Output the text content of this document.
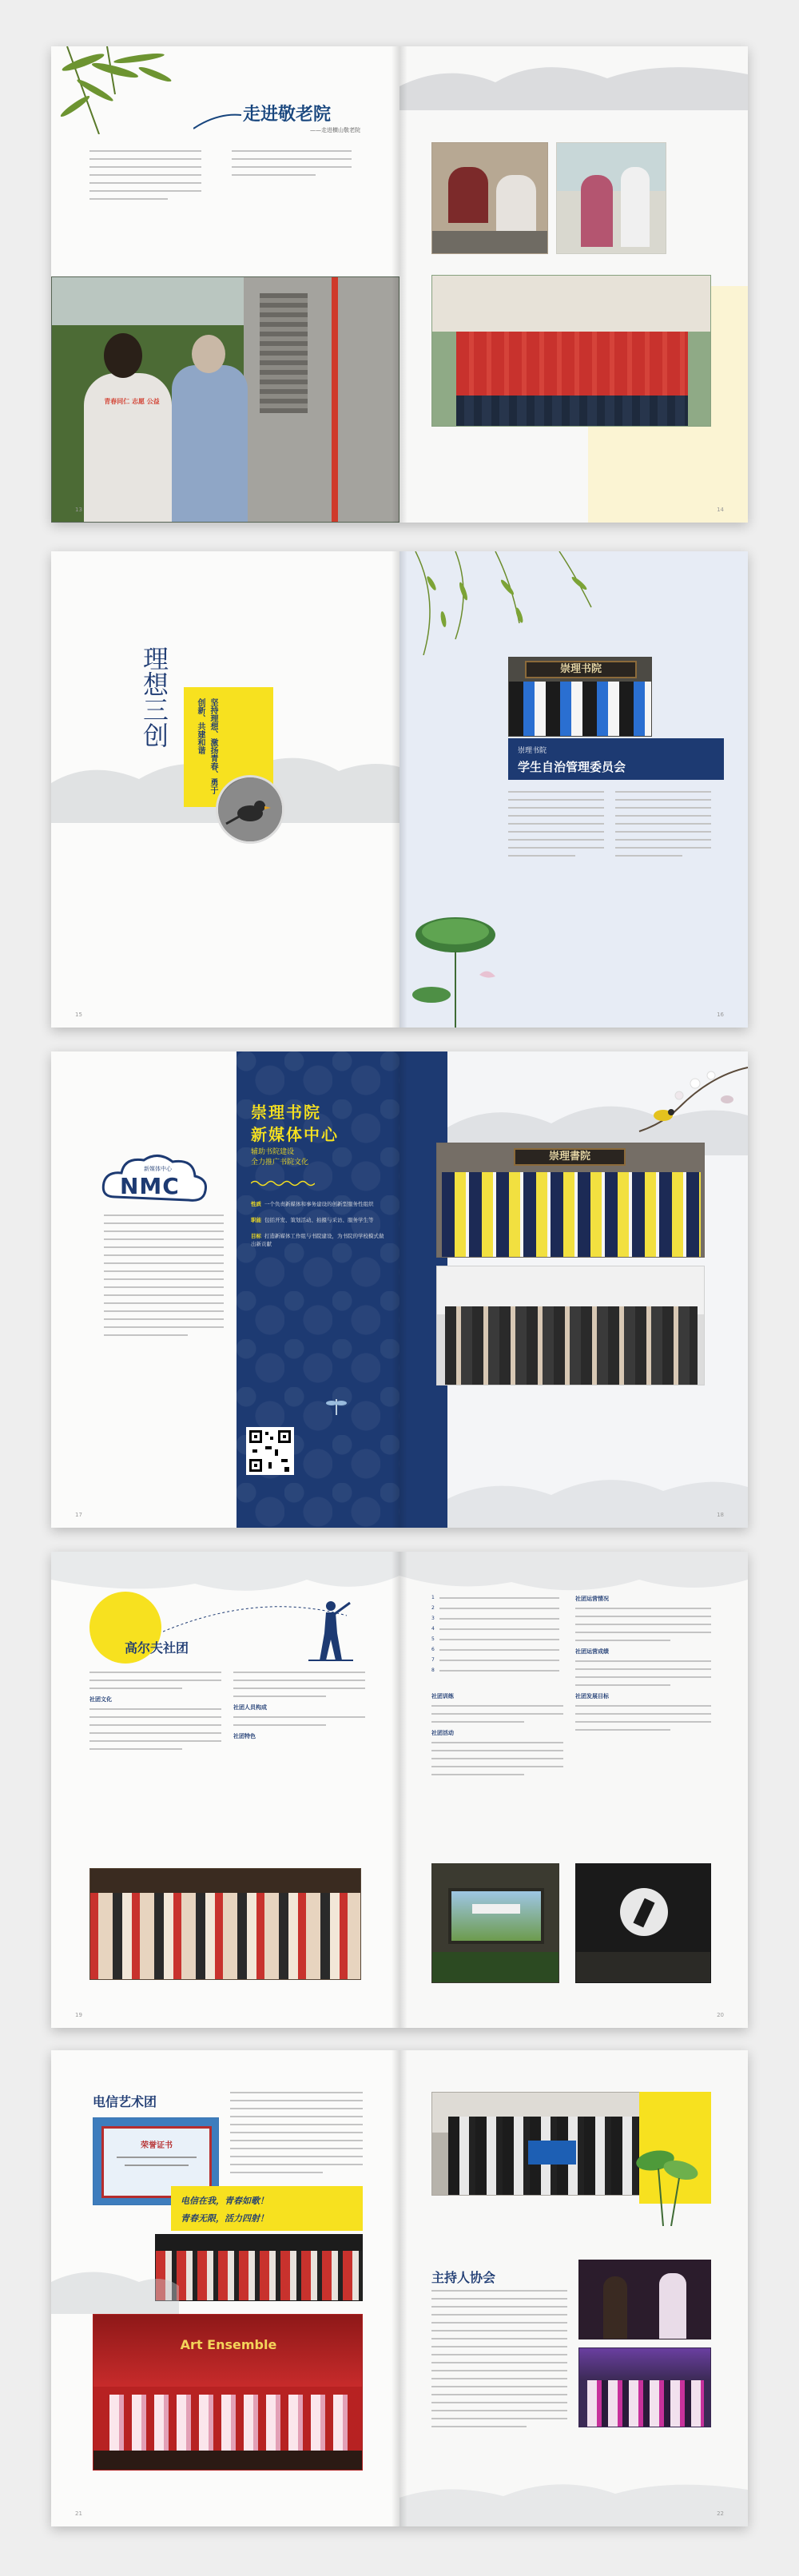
走进敬老院
——走进横山敬老院
青春同仁 志愿 公益
13	14
理想三创	坚持理想、激扬青春、勇于创新、共建和谐
15
崇理书院
崇理书院
学生自治管理委员会
16
新媒体中心
NMC
崇理书院
新媒体中心
辅助书院建设
全力推广书院文化
性质 一个负责新媒体和事务建设的创新型服务性组织
职能 包括开发、策划活动、拍摄与采访、服务学生等
目标 打造新媒体工作组与书院建设，为书院的学校模式做出新贡献
17
崇理書院
18
高尔夫社团
社团文化
社团人员构成
社团特色
19
1
2
3
4
5
6
7
8
社团训练
社团活动
社团运营情况
社团运营成绩
社团发展目标
20
电信艺术团
荣誉证书
电信在我，青春如歌！
青春无限，活力四射！
Art Ensemble
21
主持人协会
22
